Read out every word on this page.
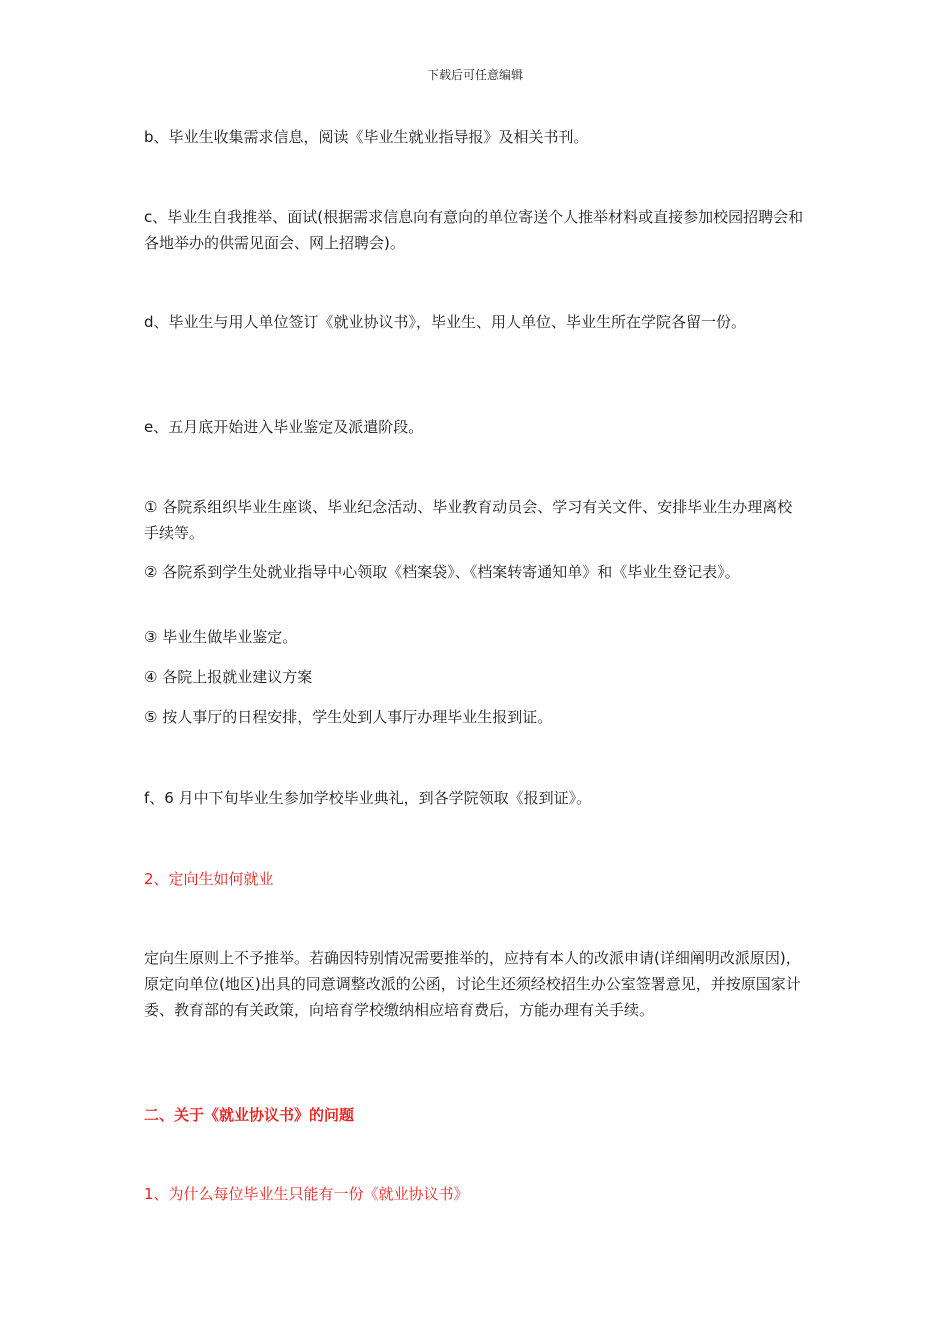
下载后可任意编辑

b、毕业生收集需求信息，阅读《毕业生就业指导报》及相关书刊。

c、毕业生自我推举、面试(根据需求信息向有意向的单位寄送个人推举材料或直接参加校园招聘会和各地举办的供需见面会、网上招聘会)。

d、毕业生与用人单位签订《就业协议书》，毕业生、用人单位、毕业生所在学院各留一份。

e、五月底开始进入毕业鉴定及派遣阶段。

① 各院系组织毕业生座谈、毕业纪念活动、毕业教育动员会、学习有关文件、安排毕业生办理离校手续等。

② 各院系到学生处就业指导中心领取《档案袋》、《档案转寄通知单》和《毕业生登记表》。

③ 毕业生做毕业鉴定。

④ 各院上报就业建议方案

⑤ 按人事厅的日程安排，学生处到人事厅办理毕业生报到证。

f、6 月中下旬毕业生参加学校毕业典礼，到各学院领取《报到证》。

2、定向生如何就业

定向生原则上不予推举。若确因特别情况需要推举的，应持有本人的改派申请(详细阐明改派原因)，原定向单位(地区)出具的同意调整改派的公函，讨论生还须经校招生办公室签署意见，并按原国家计委、教育部的有关政策，向培育学校缴纳相应培育费后，方能办理有关手续。

二、关于《就业协议书》的问题

1、为什么每位毕业生只能有一份《就业协议书》
